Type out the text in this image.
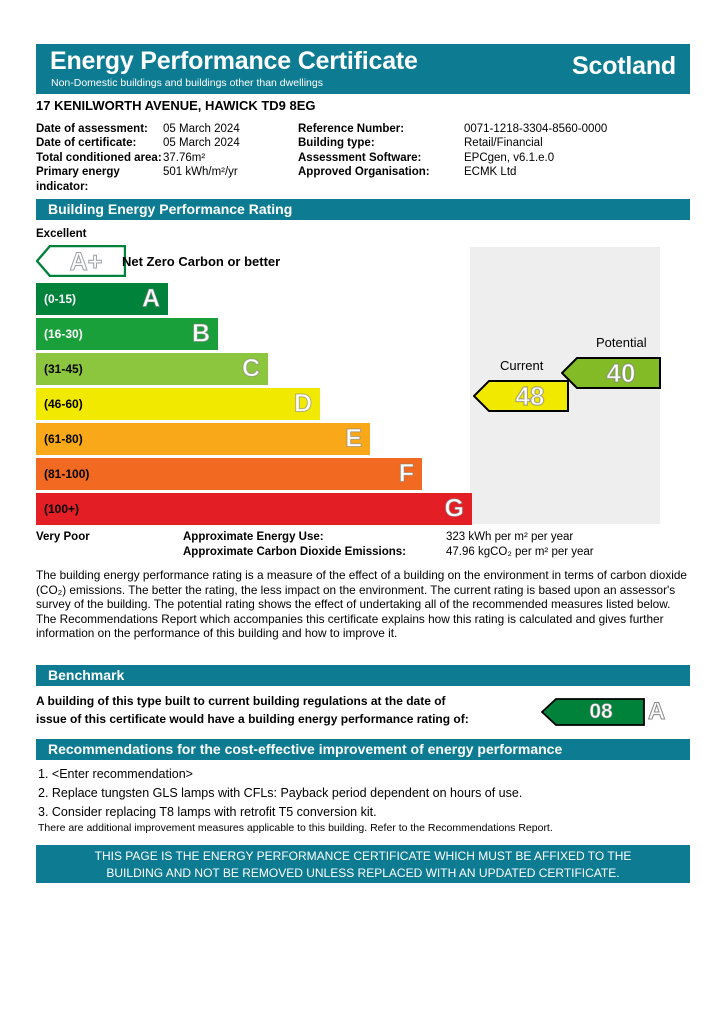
Energy Performance Certificate
Non-Domestic buildings and buildings other than dwellings
Scotland
17 KENILWORTH AVENUE, HAWICK TD9 8EG
Date of assessment:	05 March 2024	Reference Number:	0071-1218-3304-8560-0000
Date of certificate:	05 March 2024	Building type:	Retail/Financial
Total conditioned area: 37.76m²	Assessment Software:	EPCgen, v6.1.e.0
Primary energy indicator:
501 kWh/m²/yr	Approved Organisation:	ECMK Ltd
Building Energy Performance Rating
Excellent
A+ Net Zero Carbon or better
(0-15)	A
(16-30)	B
(31-45)	C
(46-60)	D
(61-80)	E
(81-100)	F
(100+)	G
Very Poor
Potential
40
Current
48
Approximate Energy Use:	323 kWh per m² per year
Approximate Carbon Dioxide Emissions:	47.96 kgCO₂ per m² per year
The building energy performance rating is a measure of the effect of a building on the environment in terms of carbon dioxide (CO₂) emissions. The better the rating, the less impact on the environment. The current rating is based upon an assessor's survey of the building. The potential rating shows the effect of undertaking all of the recommended measures listed below. The Recommendations Report which accompanies this certificate explains how this rating is calculated and gives further information on the performance of this building and how to improve it.
Benchmark
A building of this type built to current building regulations at the date of
issue of this certificate would have a building energy performance rating of:	08	A
Recommendations for the cost-effective improvement of energy performance
1. <Enter recommendation>
2. Replace tungsten GLS lamps with CFLs: Payback period dependent on hours of use.
3. Consider replacing T8 lamps with retrofit T5 conversion kit.
There are additional improvement measures applicable to this building. Refer to the Recommendations Report.
THIS PAGE IS THE ENERGY PERFORMANCE CERTIFICATE WHICH MUST BE AFFIXED TO THE
BUILDING AND NOT BE REMOVED UNLESS REPLACED WITH AN UPDATED CERTIFICATE.
